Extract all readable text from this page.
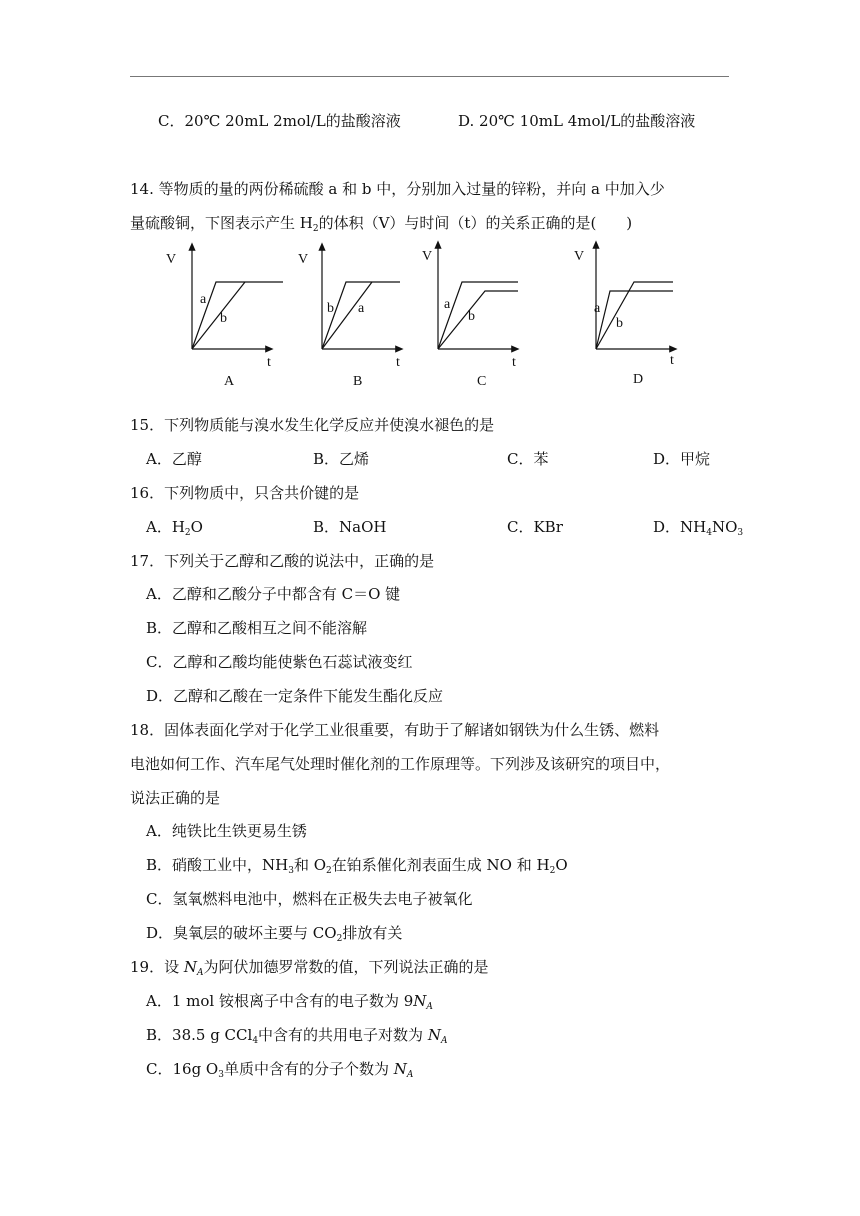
C．20℃ 20mL 2mol/L的盐酸溶液	D. 20℃ 10mL 4mol/L的盐酸溶液
14. 等物质的量的两份稀硫酸 a 和 b 中，分别加入过量的锌粉，并向 a 中加入少
量硫酸铜，下图表示产生 $H_2$的体积（V）与时间（t）的关系正确的是(　　)
V
t
a
b
A
V
t
b a
B
V
t
a
b
C
V
t
a
b
D
15．下列物质能与溴水发生化学反应并使溴水褪色的是
A．乙醇	B．乙烯	C．苯	D．甲烷
16．下列物质中，只含共价键的是
A．$H_2O$	B．NaOH	C．KBr	D．$NH_4NO_3$
17．下列关于乙醇和乙酸的说法中，正确的是
A．乙醇和乙酸分子中都含有 C＝O 键
B．乙醇和乙酸相互之间不能溶解
C．乙醇和乙酸均能使紫色石蕊试液变红
D．乙醇和乙酸在一定条件下能发生酯化反应
18．固体表面化学对于化学工业很重要，有助于了解诸如钢铁为什么生锈、燃料
电池如何工作、汽车尾气处理时催化剂的工作原理等。下列涉及该研究的项目中，
说法正确的是
A．纯铁比生铁更易生锈
B．硝酸工业中，$NH_3$和 $O_2$在铂系催化剂表面生成 NO 和 $H_2O$
C．氢氧燃料电池中，燃料在正极失去电子被氧化
D．臭氧层的破坏主要与 $CO_2$排放有关
19．设 $N_A$为阿伏加德罗常数的值，下列说法正确的是
A．1 mol 铵根离子中含有的电子数为 $9N_A$
B．38.5 g CCl$_4$中含有的共用电子对数为 $N_A$
C．16g $O_3$单质中含有的分子个数为 $N_A$
